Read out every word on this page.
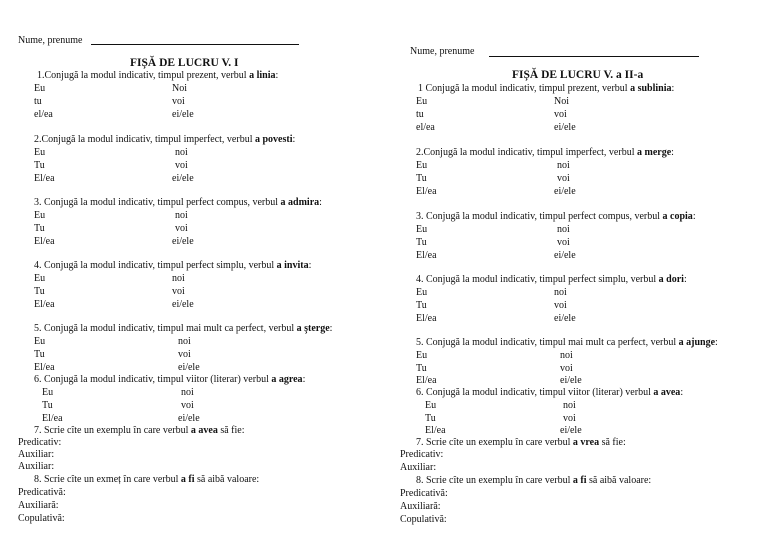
Nume, prenume
FIȘĂ DE LUCRU V. I
1.Conjugă la modul indicativ, timpul prezent, verbul a linia:
Eu	Noi
tu	voi
el/ea	ei/ele
2.Conjugă la modul indicativ, timpul imperfect, verbul a povesti:
Eu	noi
Tu	voi
El/ea	ei/ele
3. Conjugă la modul indicativ, timpul perfect compus, verbul a admira:
Eu	noi
Tu	voi
El/ea	ei/ele
4. Conjugă la modul indicativ, timpul perfect simplu, verbul a invita:
Eu	noi
Tu	voi
El/ea	ei/ele
5. Conjugă la modul indicativ, timpul mai mult ca perfect, verbul a şterge:
Eu	noi
Tu	voi
El/ea	ei/ele
6. Conjugă la modul indicativ, timpul viitor (literar) verbul a agrea:
Eu	noi
Tu	voi
El/ea	ei/ele
7. Scrie cîte un exemplu în care verbul a avea să fie:
Predicativ:
Auxiliar:
Auxiliar:
8. Scrie cîte un exmeț în care verbul a fi să aibă valoare:
Predicativă:
Auxiliară:
Copulativă:
Nume, prenume
FIȘĂ DE LUCRU V. a II-a
1 Conjugă la modul indicativ, timpul prezent, verbul a sublinia:
Eu	Noi
tu	voi
el/ea	ei/ele
2.Conjugă la modul indicativ, timpul imperfect, verbul a merge:
Eu	noi
Tu	voi
El/ea	ei/ele
3. Conjugă la modul indicativ, timpul perfect compus, verbul a copia:
Eu	noi
Tu	voi
El/ea	ei/ele
4. Conjugă la modul indicativ, timpul perfect simplu, verbul a dori:
Eu	noi
Tu	voi
El/ea	ei/ele
5. Conjugă la modul indicativ, timpul mai mult ca perfect, verbul a ajunge:
Eu	noi
Tu	voi
El/ea	ei/ele
6. Conjugă la modul indicativ, timpul viitor (literar) verbul a avea:
Eu	noi
Tu	voi
El/ea	ei/ele
7. Scrie cîte un exemplu în care verbul a vrea să fie:
Predicativ:
Auxiliar:
8. Scrie cîte un exemplu în care verbul a fi să aibă valoare:
Predicativă:
Auxiliară:
Copulativă:
